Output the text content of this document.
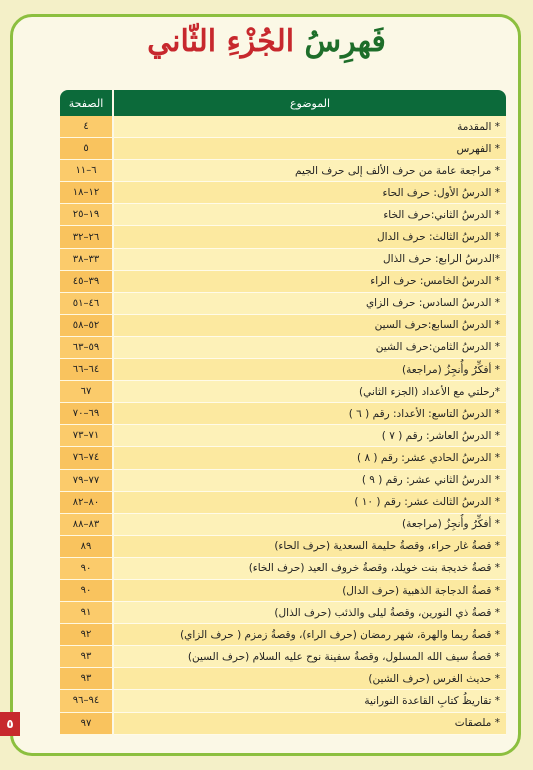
فَهرِسُ الجُزْءِ الثّاني
الصفحة	الموضوع
٤	* المقدمة
٥	* الفهرس
٦–١١	* مراجعة عامة من حرف الألف إلى حرف الجيم
١٢–١٨	* الدرسُ الأول: حرف الحاء
١٩–٢٥	* الدرسُ الثاني:حرف الخاء
٢٦–٣٢	* الدرسُ الثالث: حرف الدال
٣٣–٣٨	*الدرسُ الرابع: حرف الذال
٣٩–٤٥	* الدرسُ الخامس: حرف الراء
٤٦–٥١	* الدرسُ السادس: حرف الزاي
٥٢–٥٨	* الدرسُ السابع:حرف السين
٥٩–٦٣	* الدرسُ الثامن:حرف الشين
٦٤–٦٦	* أفكِّرُ وأُنجِزُ (مراجعة)
٦٧	*رحلتي مع الأعداد (الجزء الثاني)
٦٩–٧٠	* الدرسُ التاسع: الأعداد: رقم ( ٦ )
٧١–٧٣	* الدرسُ العاشر: رقم ( ٧ )
٧٤–٧٦	* الدرسُ الحادي عشر: رقم ( ٨ )
٧٧–٧٩	* الدرسُ الثاني عشر: رقم ( ٩ )
٨٠–٨٢	* الدرسُ الثالث عشر: رقم ( ١٠ )
٨٣–٨٨	* أفكِّرُ وأُنجِزُ (مراجعة)
٨٩	* قصةُ غار حراء، وقصةُ حليمة السعدية (حرف الحاء)
٩٠	* قصةُ خديجة بنت خويلد، وقصةُ خروف العيد (حرف الخاء)
٩٠	* قصةُ الدجاجة الذهبية (حرف الدال)
٩١	* قصةُ ذي النورين، وقصةُ ليلى والذئب (حرف الذال)
٩٢	* قصةُ ريما والهرة، شهر رمضان (حرف الراء)، وقصةُ زمزم ( حرف الزاي)
٩٣	* قصةُ سيف الله المسلول، وقصةُ سفينة نوح عليه السلام (حرف السين)
٩٣	* حديث الغرس (حرف الشين)
٩٤–٩٦	* تقاريظُ كتابِ القاعدة النورانية
٩٧	* ملصقات
٥
